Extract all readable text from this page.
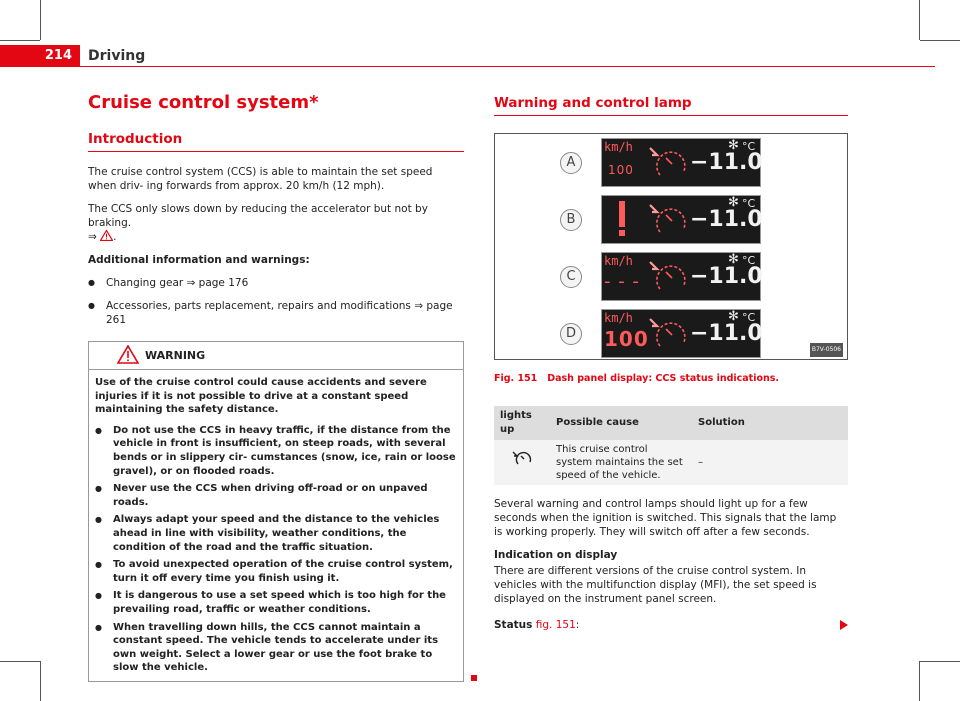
214	Driving
Cruise control system*
Introduction

The cruise control system (CCS) is able to maintain the set speed when driv- ing forwards from approx. 20 km/h (12 mph).

The CCS only slows down by reducing the accelerator but not by braking.
⇒ .

Additional information and warnings:

● Changing gear ⇒ page 176
● Accessories, parts replacement, repairs and modifications ⇒ page 261
WARNING

Use of the cruise control could cause accidents and severe injuries if it is not possible to drive at a constant speed maintaining the safety distance.

● Do not use the CCS in heavy traffic, if the distance from the vehicle in front is insufficient, on steep roads, with several bends or in slippery cir- cumstances (snow, ice, rain or loose gravel), or on flooded roads.
● Never use the CCS when driving off-road or on unpaved roads.
● Always adapt your speed and the distance to the vehicles ahead in line with visibility, weather conditions, the condition of the road and the traffic situation.
● To avoid unexpected operation of the cruise control system, turn it off every time you finish using it.
● It is dangerous to use a set speed which is too high for the prevailing road, traffic or weather conditions.
● When travelling down hills, the CCS cannot maintain a constant speed. The vehicle tends to accelerate under its own weight. Select a lower gear or use the foot brake to slow the vehicle.
Warning and control lamp
A
km/h
100
✻ °C
−11.0
B
✻ °C
−11.0
C
km/h
- - -
✻ °C
−11.0
D
km/h
100
✻ °C
−11.0
B7V-0506
Fig. 151 Dash panel display: CCS status indications.
lights up	Possible cause	Solution
	This cruise control system maintains the set speed of the vehicle.	–

Several warning and control lamps should light up for a few seconds when the ignition is switched. This signals that the lamp is working properly. They will switch off after a few seconds.

Indication on display

There are different versions of the cruise control system. In vehicles with the multifunction display (MFI), the set speed is displayed on the instrument panel screen.

Status fig. 151:
